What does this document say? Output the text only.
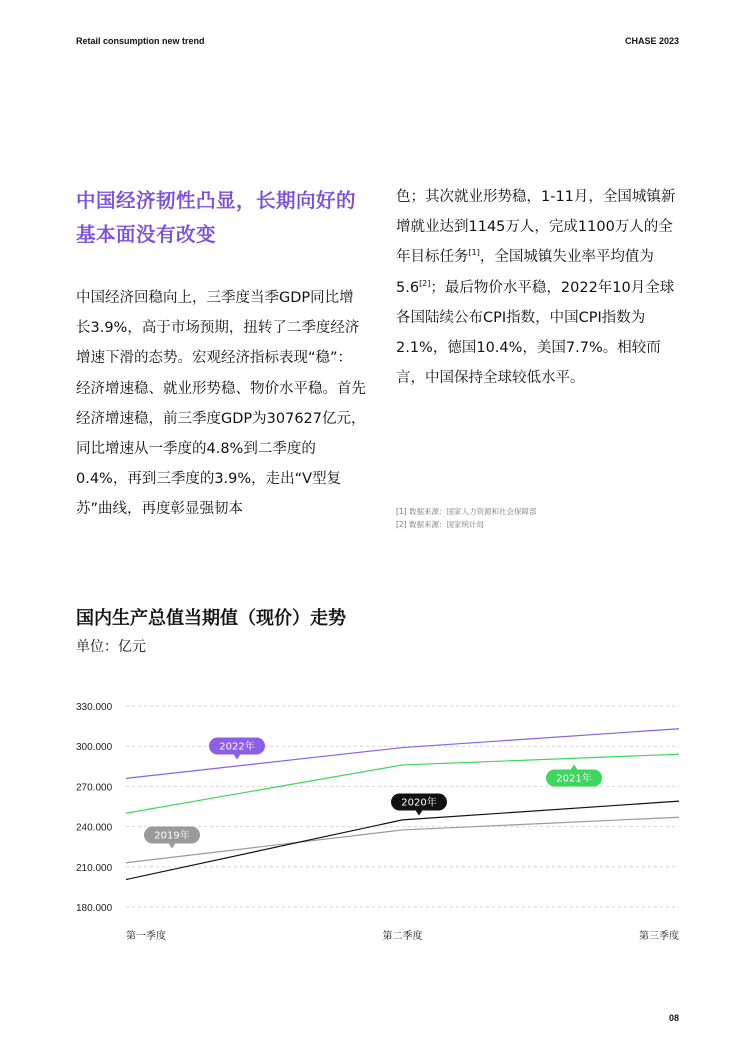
Retail consumption new trend	CHASE 2023
中国经济韧性凸显，长期向好的基本面没有改变
中国经济回稳向上，三季度当季GDP同比增长3.9%，高于市场预期，扭转了二季度经济增速下滑的态势。宏观经济指标表现“稳”：经济增速稳、就业形势稳、物价水平稳。首先经济增速稳，前三季度GDP为307627亿元，同比增速从一季度的4.8%到二季度的0.4%，再到三季度的3.9%，走出“V型复苏”曲线，再度彰显强韧本
色；其次就业形势稳，1-11月，全国城镇新增就业达到1145万人，完成1100万人的全年目标任务[1]，全国城镇失业率平均值为5.6[2]；最后物价水平稳，2022年10月全球各国陆续公布CPI指数，中国CPI指数为2.1%，德国10.4%，美国7.7%。相较而言，中国保持全球较低水平。
[1] 数据来源：国家人力资源和社会保障部
[2] 数据来源：国家统计局
国内生产总值当期值（现价）走势
单位：亿元
180.000
210.000
240.000
270.000
300.000
330.000
第一季度	第二季度	第三季度
2019年
2020年
2021年
2022年
08
